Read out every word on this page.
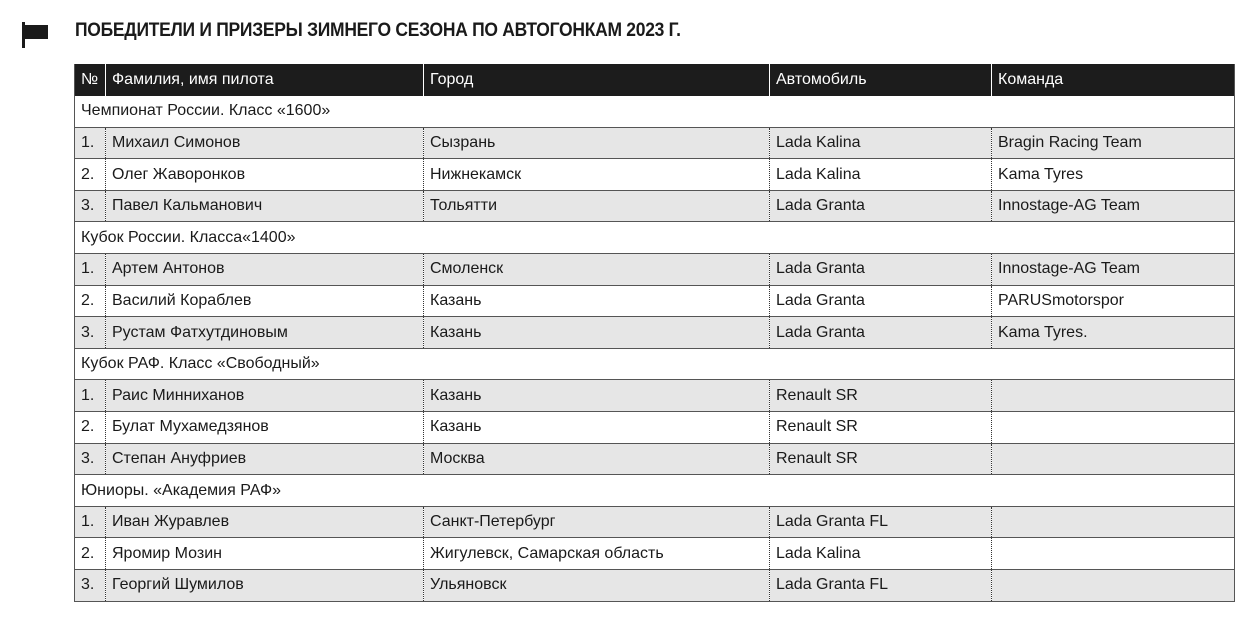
ПОБЕДИТЕЛИ И ПРИЗЕРЫ ЗИМНЕГО СЕЗОНА ПО АВТОГОНКАМ 2023 Г.
№	Фамилия, имя пилота	Город	Автомобиль	Команда
Чемпионат России. Класс «1600»				
1.	Михаил Симонов	Сызрань	Lada Kalina	Bragin Racing Team
2.	Олег Жаворонков	Нижнекамск	Lada Kalina	Kama Tyres
3.	Павел Кальманович	Тольятти	Lada Granta	Innostage-AG Team
Кубок России. Класса«1400»				
1.	Артем Антонов	Смоленск	Lada Granta	Innostage-AG Team
2.	Василий Кораблев	Казань	Lada Granta	PARUSmotorspor
3.	Рустам Фатхутдиновым	Казань	Lada Granta	Kama Tyres.
Кубок РАФ. Класс «Свободный»				
1.	Раис Минниханов	Казань	Renault SR	
2.	Булат Мухамедзянов	Казань	Renault SR	
3.	Степан Ануфриев	Москва	Renault SR	
Юниоры. «Академия РАФ»				
1.	Иван Журавлев	Санкт-Петербург	Lada Granta FL	
2.	Яромир Мозин	Жигулевск, Самарская область	Lada Kalina	
3.	Георгий Шумилов	Ульяновск	Lada Granta FL	
